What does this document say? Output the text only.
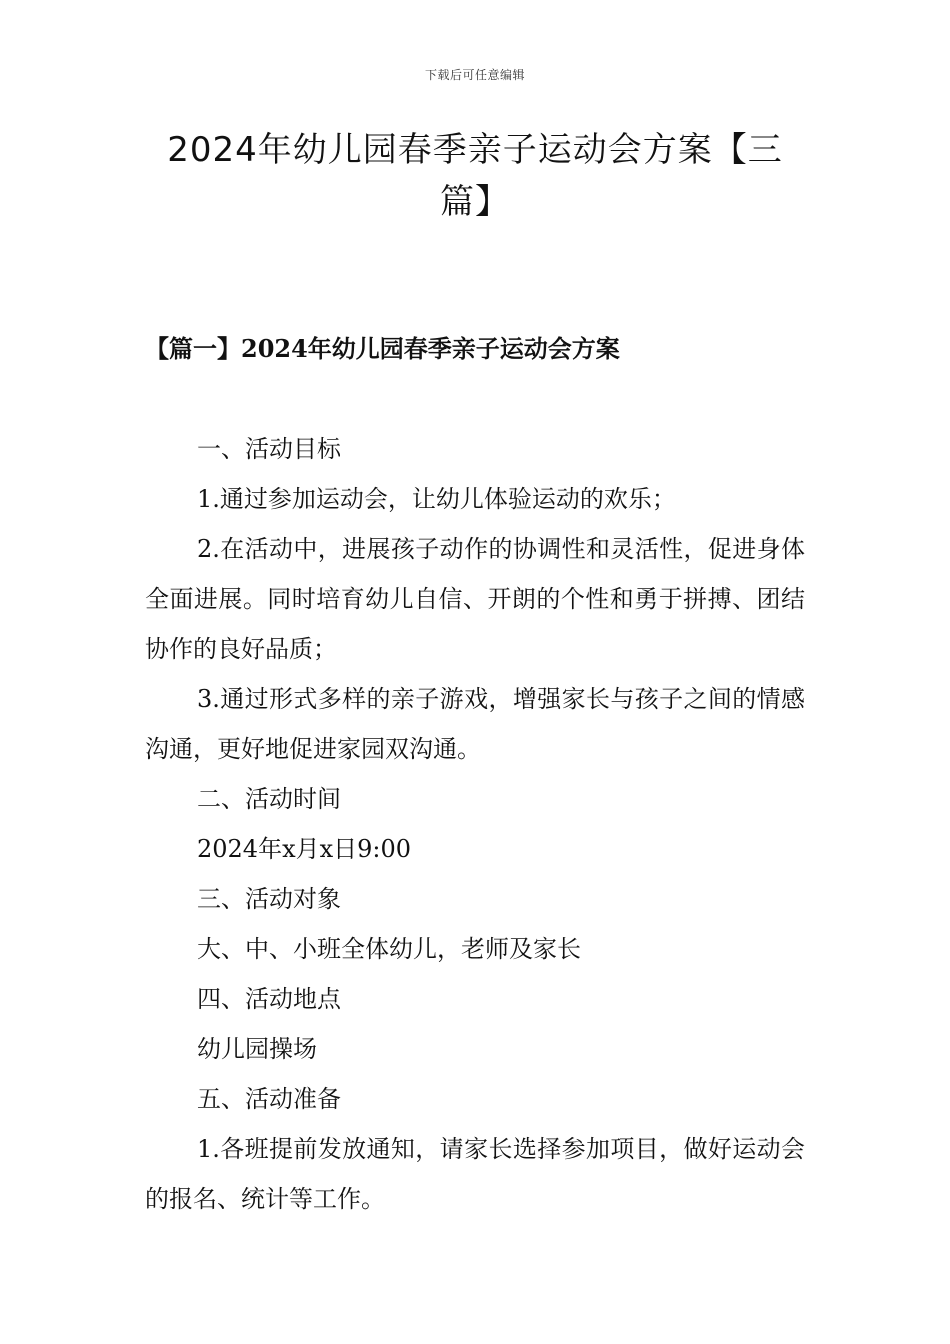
下载后可任意编辑
2024年幼儿园春季亲子运动会方案【三篇】
【篇一】2024年幼儿园春季亲子运动会方案

一、活动目标

1.通过参加运动会，让幼儿体验运动的欢乐；

2.在活动中，进展孩子动作的协调性和灵活性，促进身体全面进展。同时培育幼儿自信、开朗的个性和勇于拼搏、团结协作的良好品质；

3.通过形式多样的亲子游戏，增强家长与孩子之间的情感沟通，更好地促进家园双沟通。

二、活动时间

2024年x月x日9:00

三、活动对象

大、中、小班全体幼儿，老师及家长

四、活动地点

幼儿园操场

五、活动准备

1.各班提前发放通知，请家长选择参加项目，做好运动会的报名、统计等工作。
